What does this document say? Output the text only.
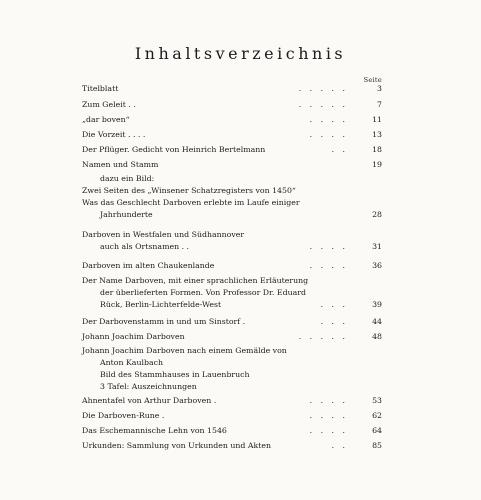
Inhaltsverzeichnis
Seite
Titelblatt	. . . . .	3
Zum Geleit . .	. . . . .	7
„dar boven“	. . . .	11
Die Vorzeit . . . .	. . . .	13
Der Pflüger. Gedicht von Heinrich Bertelmann	. .	18
Namen und Stamm	19
dazu ein Bild:
Zwei Seiten des „Winsener Schatzregisters von 1450“
Was das Geschlecht Darboven erlebte im Laufe einiger
Jahrhunderte	28
Darboven in Westfalen und Südhannover
auch als Ortsnamen . .	. . . .	31
Darboven im alten Chaukenlande	. . . .	36
Der Name Darboven, mit einer sprachlichen Erläuterung
der überlieferten Formen. Von Professor Dr. Eduard
Rück, Berlin-Lichterfelde-West	. . .	39
Der Darbovenstamm in und um Sinstorf .	. . .	44
Johann Joachim Darboven	. . . . .	48
Johann Joachim Darboven nach einem Gemälde von
Anton Kaulbach
Bild des Stammhauses in Lauenbruch
3 Tafel: Auszeichnungen
Ahnentafel von Arthur Darboven .	. . . .	53
Die Darboven-Rune .	. . . .	62
Das Eschemannische Lehn von 1546	. . . .	64
Urkunden: Sammlung von Urkunden und Akten	. .	85
